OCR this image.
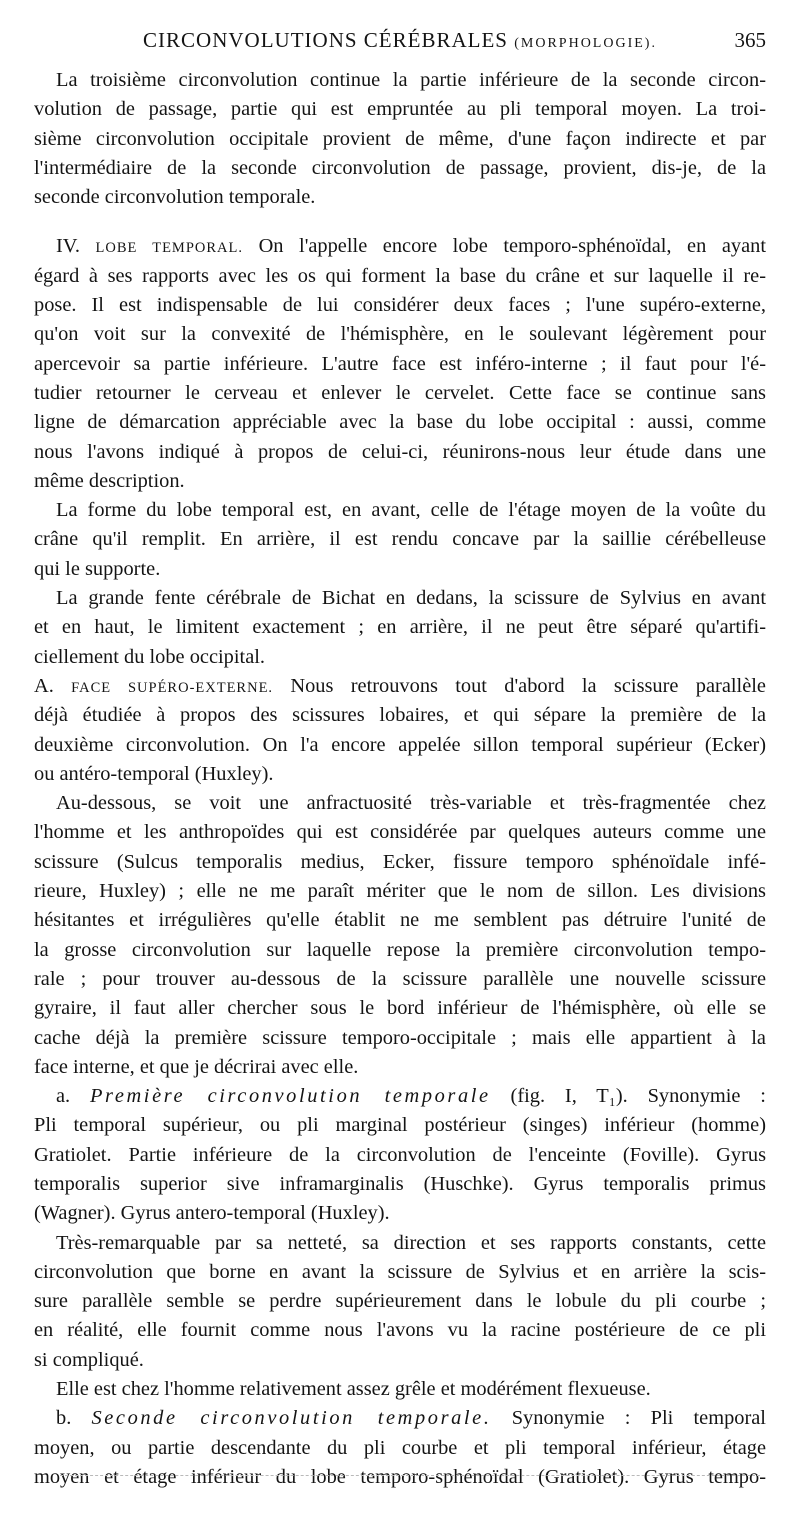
CIRCONVOLUTIONS CÉRÉBRALES (MORPHOLOGIE).	365
La troisième circonvolution continue la partie inférieure de la seconde circon-
volution de passage, partie qui est empruntée au pli temporal moyen. La troi-
sième circonvolution occipitale provient de même, d'une façon indirecte et par
l'intermédiaire de la seconde circonvolution de passage, provient, dis-je, de la
seconde circonvolution temporale.
IV. LOBE TEMPORAL. On l'appelle encore lobe temporo-sphénoïdal, en ayant
égard à ses rapports avec les os qui forment la base du crâne et sur laquelle il re-
pose. Il est indispensable de lui considérer deux faces ; l'une supéro-externe,
qu'on voit sur la convexité de l'hémisphère, en le soulevant légèrement pour
apercevoir sa partie inférieure. L'autre face est inféro-interne ; il faut pour l'é-
tudier retourner le cerveau et enlever le cervelet. Cette face se continue sans
ligne de démarcation appréciable avec la base du lobe occipital : aussi, comme
nous l'avons indiqué à propos de celui-ci, réunirons-nous leur étude dans une
même description.
La forme du lobe temporal est, en avant, celle de l'étage moyen de la voûte du
crâne qu'il remplit. En arrière, il est rendu concave par la saillie cérébelleuse
qui le supporte.
La grande fente cérébrale de Bichat en dedans, la scissure de Sylvius en avant
et en haut, le limitent exactement ; en arrière, il ne peut être séparé qu'artifi-
ciellement du lobe occipital.
A. FACE SUPÉRO-EXTERNE. Nous retrouvons tout d'abord la scissure parallèle
déjà étudiée à propos des scissures lobaires, et qui sépare la première de la
deuxième circonvolution. On l'a encore appelée sillon temporal supérieur (Ecker)
ou antéro-temporal (Huxley).
Au-dessous, se voit une anfractuosité très-variable et très-fragmentée chez
l'homme et les anthropoïdes qui est considérée par quelques auteurs comme une
scissure (Sulcus temporalis medius, Ecker, fissure temporo sphénoïdale infé-
rieure, Huxley) ; elle ne me paraît mériter que le nom de sillon. Les divisions
hésitantes et irrégulières qu'elle établit ne me semblent pas détruire l'unité de
la grosse circonvolution sur laquelle repose la première circonvolution tempo-
rale ; pour trouver au-dessous de la scissure parallèle une nouvelle scissure
gyraire, il faut aller chercher sous le bord inférieur de l'hémisphère, où elle se
cache déjà la première scissure temporo-occipitale ; mais elle appartient à la
face interne, et que je décrirai avec elle.
a. Première circonvolution temporale (fig. I, T₁). Synonymie :
Pli temporal supérieur, ou pli marginal postérieur (singes) inférieur (homme)
Gratiolet. Partie inférieure de la circonvolution de l'enceinte (Foville). Gyrus
temporalis superior sive inframarginalis (Huschke). Gyrus temporalis primus
(Wagner). Gyrus antero-temporal (Huxley).
Très-remarquable par sa netteté, sa direction et ses rapports constants, cette
circonvolution que borne en avant la scissure de Sylvius et en arrière la scis-
sure parallèle semble se perdre supérieurement dans le lobule du pli courbe ;
en réalité, elle fournit comme nous l'avons vu la racine postérieure de ce pli
si compliqué.
Elle est chez l'homme relativement assez grêle et modérément flexueuse.
b. Seconde circonvolution temporale. Synonymie : Pli temporal
moyen, ou partie descendante du pli courbe et pli temporal inférieur, étage
moyen et étage inférieur du lobe temporo-sphénoïdal (Gratiolet). Gyrus tempo-
